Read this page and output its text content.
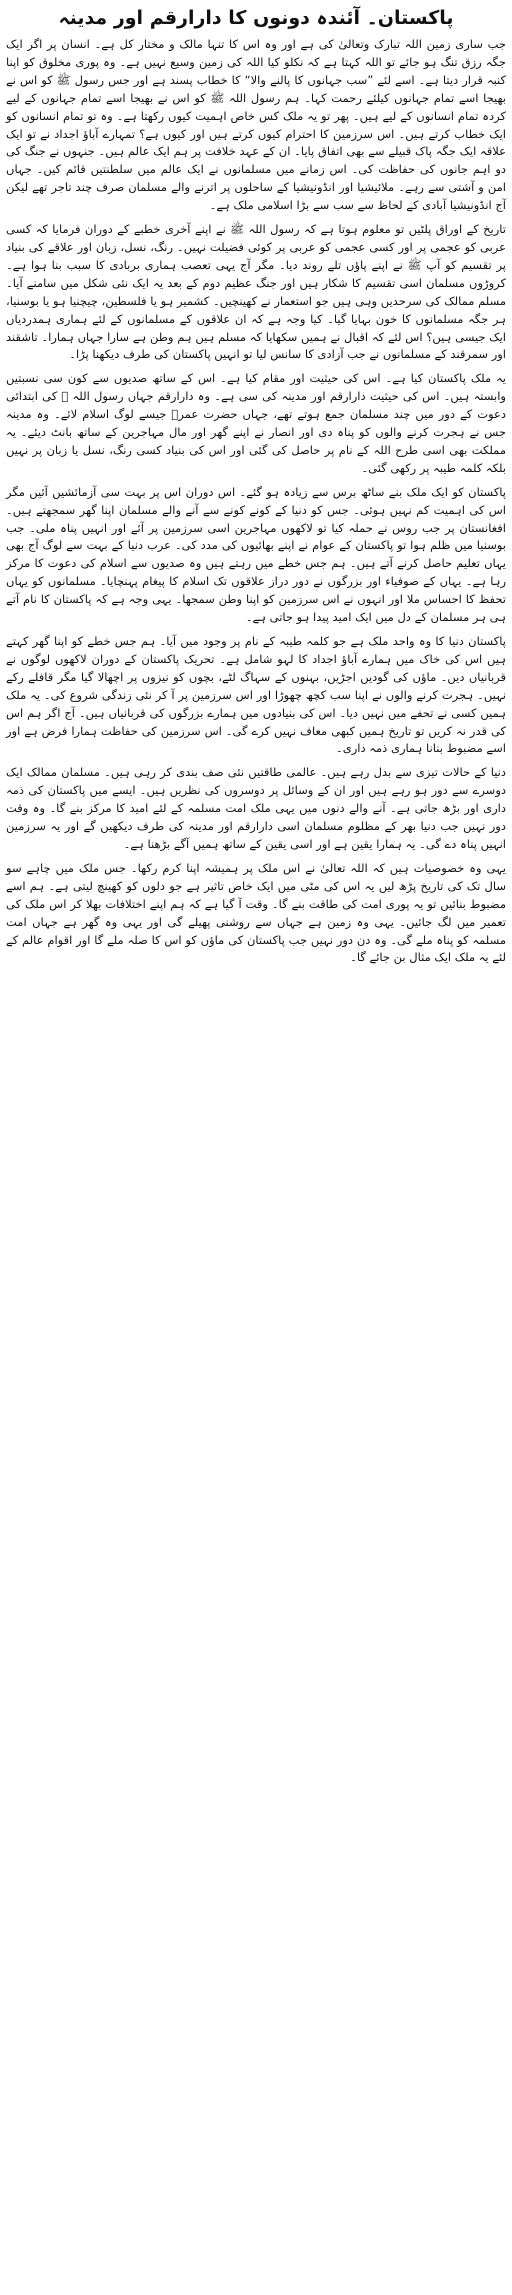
پاکستان۔ آئندہ دونوں کا دارارقم اور مدینہ

جب ساری زمین اللہ تبارک وتعالیٰ کی ہے اور وہ اس کا تنہا مالک و مختار کل ہے۔ انسان پر اگر ایک جگہ رزق تنگ ہو جائے تو اللہ کہتا ہے کہ نکلو کیا اللہ کی زمین وسیع نہیں ہے۔ وہ پوری مخلوق کو اپنا کنبہ قرار دیتا ہے۔ اسے لئے ”سب جہانوں کا پالنے والا“ کا خطاب پسند ہے اور جس رسول ﷺ کو اس نے بھیجا اسے تمام جہانوں کیلئے رحمت کہا۔ ہم رسول اللہ ﷺ کو اس نے بھیجا اسے تمام جہانوں کے لیے کردہ تمام انسانوں کے لیے ہیں۔ پھر تو یہ ملک کس خاص اہمیت کیوں رکھتا ہے۔ وہ تو تمام انسانوں کو ایک خطاب کرتے ہیں۔ اس سرزمین کا احترام کیوں کرتے ہیں اور کیوں ہے؟ تمہارے آباؤ اجداد نے تو ایک علاقہ ایک جگہ پاک قبیلے سے بھی اتفاق پایا۔ ان کے عہد خلافت پر ہم ایک عالم ہیں۔ جنہوں نے جنگ کی دو اہم جانوں کی حفاظت کی۔ اس زمانے میں مسلمانوں نے ایک عالم میں سلطنتیں قائم کیں۔ جہاں امن و آشتی سے رہے۔ ملائیشیا اور انڈونیشیا کے ساحلوں پر اترنے والے مسلمان صرف چند تاجر تھے لیکن آج انڈونیشیا آبادی کے لحاظ سے سب سے بڑا اسلامی ملک ہے۔

تاریخ کے اوراق پلٹیں تو معلوم ہوتا ہے کہ رسول اللہ ﷺ نے اپنے آخری خطبے کے دوران فرمایا کہ کسی عربی کو عجمی پر اور کسی عجمی کو عربی پر کوئی فضیلت نہیں۔ رنگ، نسل، زبان اور علاقے کی بنیاد پر تقسیم کو آپ ﷺ نے اپنے پاؤں تلے روند دیا۔ مگر آج یہی تعصب ہماری بربادی کا سبب بنا ہوا ہے۔ کروڑوں مسلمان اسی تقسیم کا شکار ہیں اور جنگ عظیم دوم کے بعد یہ ایک نئی شکل میں سامنے آیا۔ مسلم ممالک کی سرحدیں وہی ہیں جو استعمار نے کھینچیں۔ کشمیر ہو یا فلسطین، چیچنیا ہو یا بوسنیا، ہر جگہ مسلمانوں کا خون بہایا گیا۔ کیا وجہ ہے کہ ان علاقوں کے مسلمانوں کے لئے ہماری ہمدردیاں ایک جیسی ہیں؟ اس لئے کہ اقبال نے ہمیں سکھایا کہ مسلم ہیں ہم وطن ہے سارا جہاں ہمارا۔ تاشقند اور سمرقند کے مسلمانوں نے جب آزادی کا سانس لیا تو انہیں پاکستان کی طرف دیکھنا پڑا۔

یہ ملک پاکستان کیا ہے۔ اس کی حیثیت اور مقام کیا ہے۔ اس کے ساتھ صدیوں سے کون سی نسبتیں وابستہ ہیں۔ اس کی حیثیت دارارقم اور مدینہ کی سی ہے۔ وہ دارارقم جہاں رسول اللہ ﷺ کی ابتدائی دعوت کے دور میں چند مسلمان جمع ہوتے تھے، جہاں حضرت عمرؓ جیسے لوگ اسلام لائے۔ وہ مدینہ جس نے ہجرت کرنے والوں کو پناہ دی اور انصار نے اپنے گھر اور مال مہاجرین کے ساتھ بانٹ دیئے۔ یہ مملکت بھی اسی طرح اللہ کے نام پر حاصل کی گئی اور اس کی بنیاد کسی رنگ، نسل یا زبان پر نہیں بلکہ کلمہ طیبہ پر رکھی گئی۔

پاکستان کو ایک ملک بنے ساٹھ برس سے زیادہ ہو گئے۔ اس دوران اس پر بہت سی آزمائشیں آئیں مگر اس کی اہمیت کم نہیں ہوئی۔ جس کو دنیا کے کونے کونے سے آنے والے مسلمان اپنا گھر سمجھتے ہیں۔ افغانستان پر جب روس نے حملہ کیا تو لاکھوں مہاجرین اسی سرزمین پر آئے اور انہیں پناہ ملی۔ جب بوسنیا میں ظلم ہوا تو پاکستان کے عوام نے اپنے بھائیوں کی مدد کی۔ عرب دنیا کے بہت سے لوگ آج بھی یہاں تعلیم حاصل کرنے آتے ہیں۔ ہم جس خطے میں رہتے ہیں وہ صدیوں سے اسلام کی دعوت کا مرکز رہا ہے۔ یہاں کے صوفیاء اور بزرگوں نے دور دراز علاقوں تک اسلام کا پیغام پہنچایا۔ مسلمانوں کو یہاں تحفظ کا احساس ملا اور انہوں نے اس سرزمین کو اپنا وطن سمجھا۔ یہی وجہ ہے کہ پاکستان کا نام آتے ہی ہر مسلمان کے دل میں ایک امید پیدا ہو جاتی ہے۔

پاکستان دنیا کا وہ واحد ملک ہے جو کلمہ طیبہ کے نام پر وجود میں آیا۔ ہم جس خطے کو اپنا گھر کہتے ہیں اس کی خاک میں ہمارے آباؤ اجداد کا لہو شامل ہے۔ تحریک پاکستان کے دوران لاکھوں لوگوں نے قربانیاں دیں۔ ماؤں کی گودیں اجڑیں، بہنوں کے سہاگ لٹے، بچوں کو نیزوں پر اچھالا گیا مگر قافلے رکے نہیں۔ ہجرت کرنے والوں نے اپنا سب کچھ چھوڑا اور اس سرزمین پر آ کر نئی زندگی شروع کی۔ یہ ملک ہمیں کسی نے تحفے میں نہیں دیا۔ اس کی بنیادوں میں ہمارے بزرگوں کی قربانیاں ہیں۔ آج اگر ہم اس کی قدر نہ کریں تو تاریخ ہمیں کبھی معاف نہیں کرے گی۔ اس سرزمین کی حفاظت ہمارا فرض ہے اور اسے مضبوط بنانا ہماری ذمہ داری۔

دنیا کے حالات تیزی سے بدل رہے ہیں۔ عالمی طاقتیں نئی صف بندی کر رہی ہیں۔ مسلمان ممالک ایک دوسرے سے دور ہو رہے ہیں اور ان کے وسائل پر دوسروں کی نظریں ہیں۔ ایسے میں پاکستان کی ذمہ داری اور بڑھ جاتی ہے۔ آنے والے دنوں میں یہی ملک امت مسلمہ کے لئے امید کا مرکز بنے گا۔ وہ وقت دور نہیں جب دنیا بھر کے مظلوم مسلمان اسی دارارقم اور مدینہ کی طرف دیکھیں گے اور یہ سرزمین انہیں پناہ دے گی۔ یہ ہمارا یقین ہے اور اسی یقین کے ساتھ ہمیں آگے بڑھنا ہے۔

یہی وہ خصوصیات ہیں کہ اللہ تعالیٰ نے اس ملک پر ہمیشہ اپنا کرم رکھا۔ جس ملک میں چاہے سو سال تک کی تاریخ پڑھ لیں یہ اس کی مٹی میں ایک خاص تاثیر ہے جو دلوں کو کھینچ لیتی ہے۔ ہم اسے مضبوط بنائیں تو یہ پوری امت کی طاقت بنے گا۔ وقت آ گیا ہے کہ ہم اپنے اختلافات بھلا کر اس ملک کی تعمیر میں لگ جائیں۔ یہی وہ زمین ہے جہاں سے روشنی پھیلے گی اور یہی وہ گھر ہے جہاں امت مسلمہ کو پناہ ملے گی۔ وہ دن دور نہیں جب پاکستان کی ماؤں کو اس کا صلہ ملے گا اور اقوام عالم کے لئے یہ ملک ایک مثال بن جائے گا۔
